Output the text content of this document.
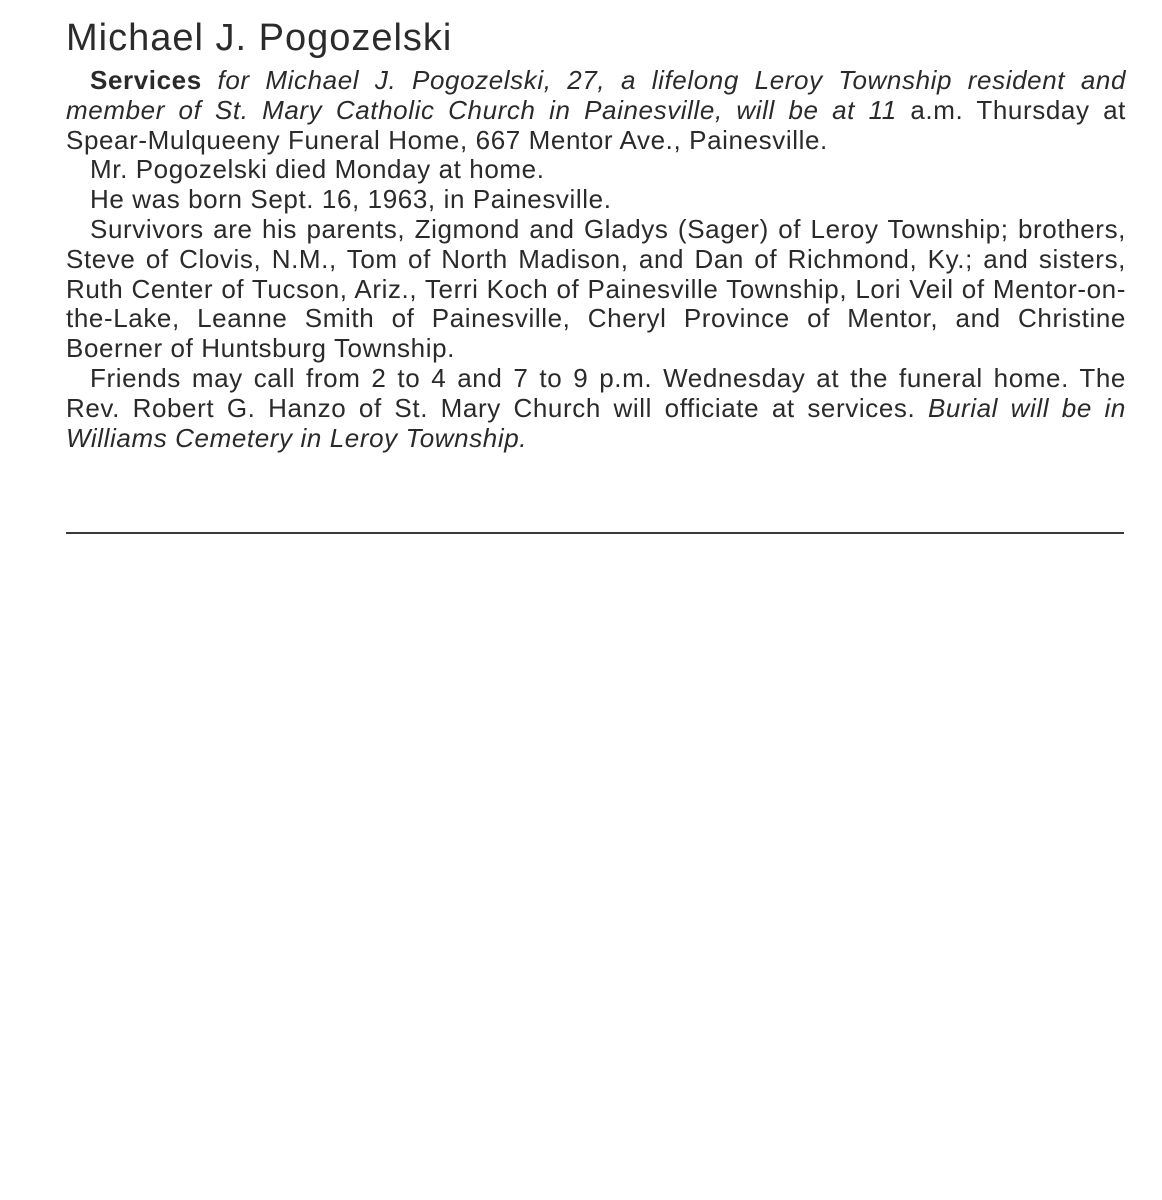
Michael J. Pogozelski

Services for Michael J. Pogozelski, 27, a lifelong Leroy Township resident and member of St. Mary Catholic Church in Painesville, will be at 11 a.m. Thursday at Spear-Mulqueeny Funeral Home, 667 Mentor Ave., Painesville.

Mr. Pogozelski died Monday at home.

He was born Sept. 16, 1963, in Painesville.

Survivors are his parents, Zigmond and Gladys (Sager) of Leroy Township; brothers, Steve of Clovis, N.M., Tom of North Madison, and Dan of Richmond, Ky.; and sisters, Ruth Center of Tucson, Ariz., Terri Koch of Painesville Township, Lori Veil of Mentor-on-the-Lake, Leanne Smith of Painesville, Cheryl Province of Mentor, and Christine Boerner of Huntsburg Township.

Friends may call from 2 to 4 and 7 to 9 p.m. Wednesday at the funeral home. The Rev. Robert G. Hanzo of St. Mary Church will officiate at services. Burial will be in Williams Cemetery in Leroy Township.
